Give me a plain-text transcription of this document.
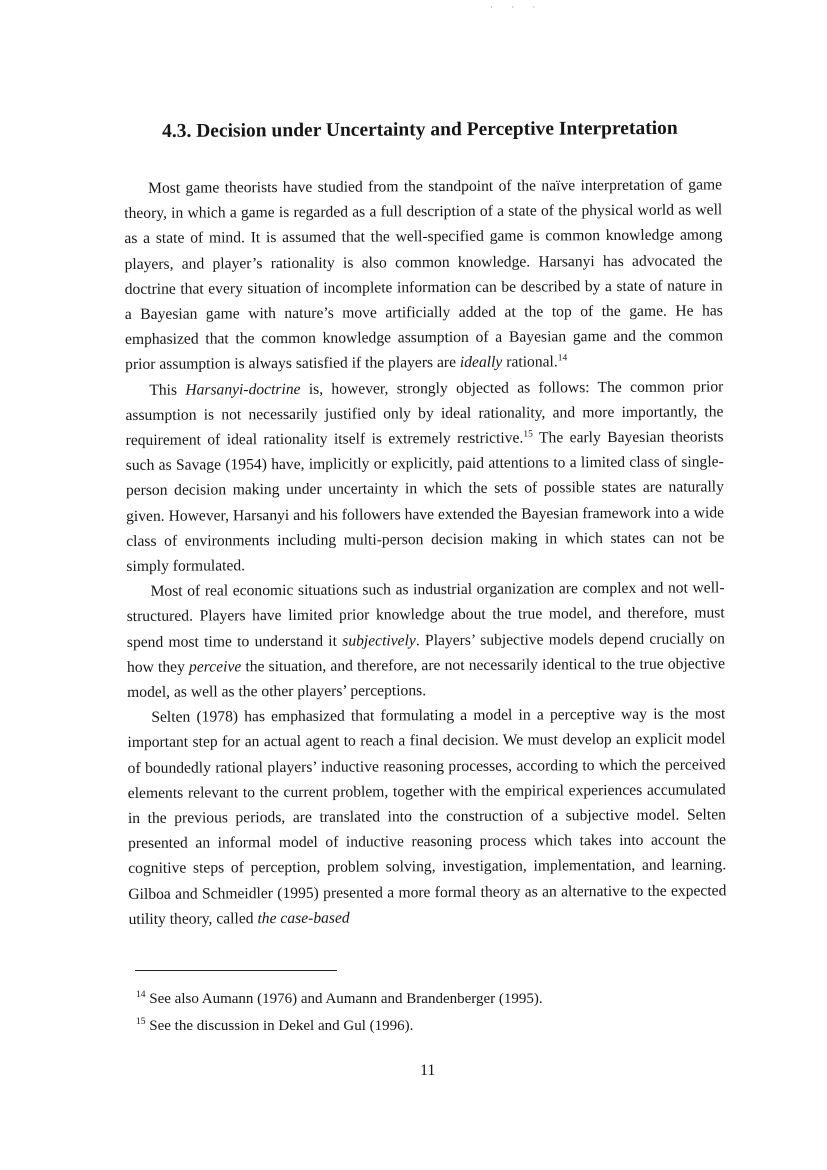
· · ·
4.3. Decision under Uncertainty and Perceptive Interpretation

Most game theorists have studied from the standpoint of the naïve interpretation of game theory, in which a game is regarded as a full description of a state of the physical world as well as a state of mind. It is assumed that the well-specified game is common knowledge among players, and player’s rationality is also common knowledge. Harsanyi has advocated the doctrine that every situation of incomplete information can be described by a state of nature in a Bayesian game with nature’s move artificially added at the top of the game. He has emphasized that the common knowledge assumption of a Bayesian game and the common prior assumption is always satisfied if the players are ideally rational.$^{14}$

This Harsanyi-doctrine is, however, strongly objected as follows: The common prior assumption is not necessarily justified only by ideal rationality, and more importantly, the requirement of ideal rationality itself is extremely restrictive.$^{15}$ The early Bayesian theorists such as Savage (1954) have, implicitly or explicitly, paid attentions to a limited class of single-person decision making under uncertainty in which the sets of possible states are naturally given. However, Harsanyi and his followers have extended the Bayesian framework into a wide class of environments including multi-person decision making in which states can not be simply formulated.

Most of real economic situations such as industrial organization are complex and not well-structured. Players have limited prior knowledge about the true model, and therefore, must spend most time to understand it subjectively. Players’ subjective models depend crucially on how they perceive the situation, and therefore, are not necessarily identical to the true objective model, as well as the other players’ perceptions.

Selten (1978) has emphasized that formulating a model in a perceptive way is the most important step for an actual agent to reach a final decision. We must develop an explicit model of boundedly rational players’ inductive reasoning processes, according to which the perceived elements relevant to the current problem, together with the empirical experiences accumulated in the previous periods, are translated into the construction of a subjective model. Selten presented an informal model of inductive reasoning process which takes into account the cognitive steps of perception, problem solving, investigation, implementation, and learning. Gilboa and Schmeidler (1995) presented a more formal theory as an alternative to the expected utility theory, called the case-based

$^{14}$ See also Aumann (1976) and Aumann and Brandenberger (1995).
$^{15}$ See the discussion in Dekel and Gul (1996).
11
